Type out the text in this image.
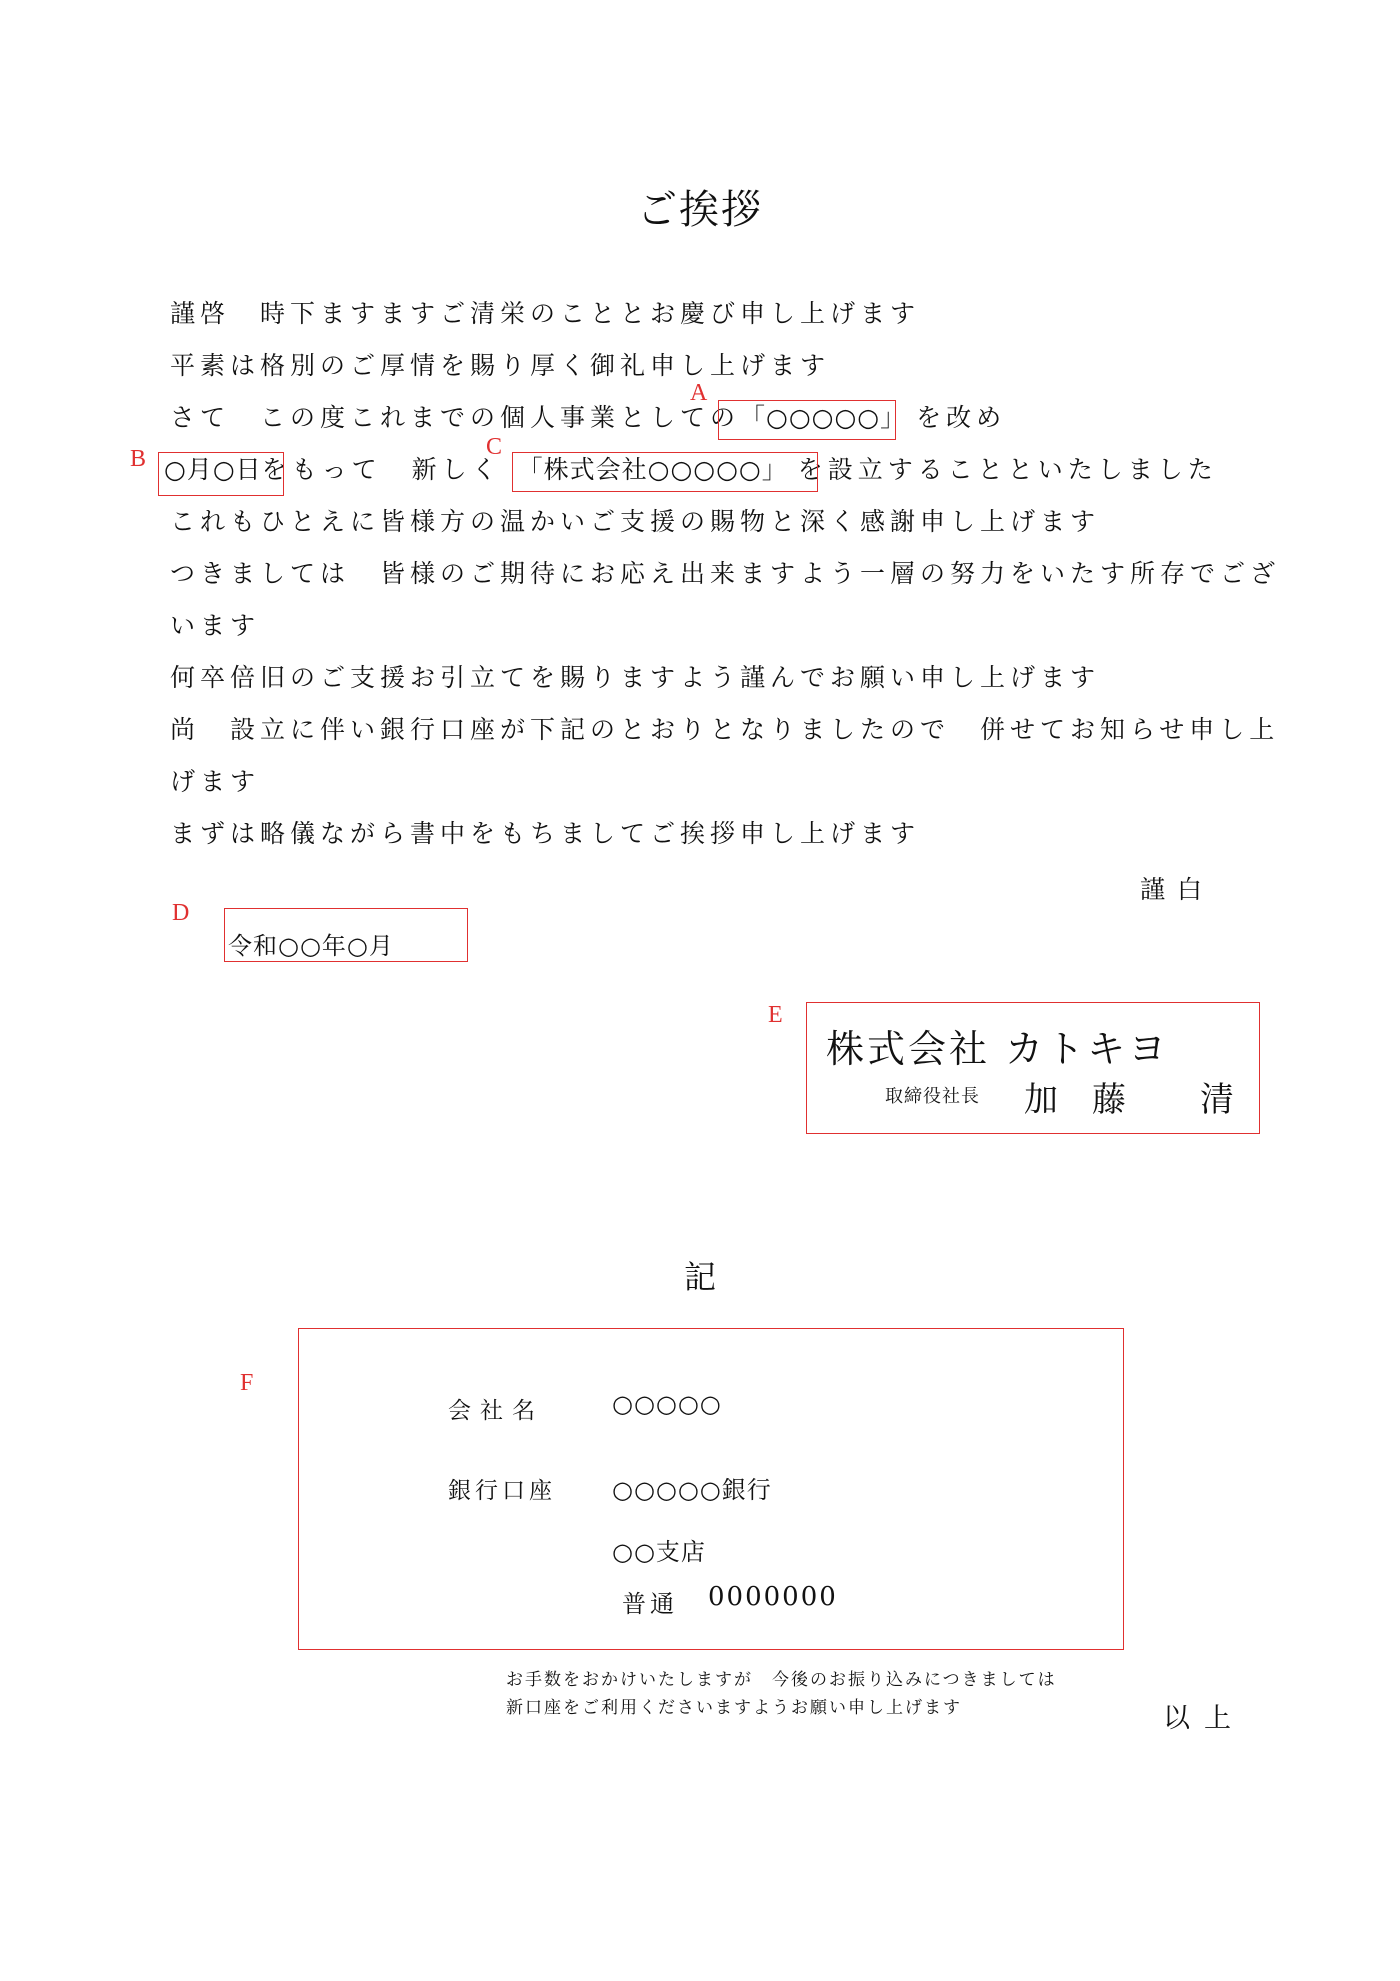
ご挨拶
謹啓　時下ますますご清栄のこととお慶び申し上げます
平素は格別のご厚情を賜り厚く御礼申し上げます
さて　この度これまでの個人事業としての「○○○○○」 を改め
○月○日をもって　新しく 「株式会社○○○○○」 を設立することといたしました
これもひとえに皆様方の温かいご支援の賜物と深く感謝申し上げます
つきましては　皆様のご期待にお応え出来ますよう一層の努力をいたす所存でござ
います
何卒倍旧のご支援お引立てを賜りますよう謹んでお願い申し上げます
尚　設立に伴い銀行口座が下記のとおりとなりましたので　併せてお知らせ申し上
げます
まずは略儀ながら書中をもちましてご挨拶申し上げます
A
B	C
謹白
令和○○年○月
D
E
株式会社 カトキヨ
取締役社長 加　藤 清
記
F
会社名	○○○○○
銀行口座 ○○○○○銀行
○○支店
普通 0000000
お手数をおかけいたしますが　今後のお振り込みにつきましては
新口座をご利用くださいますようお願い申し上げます	以上
